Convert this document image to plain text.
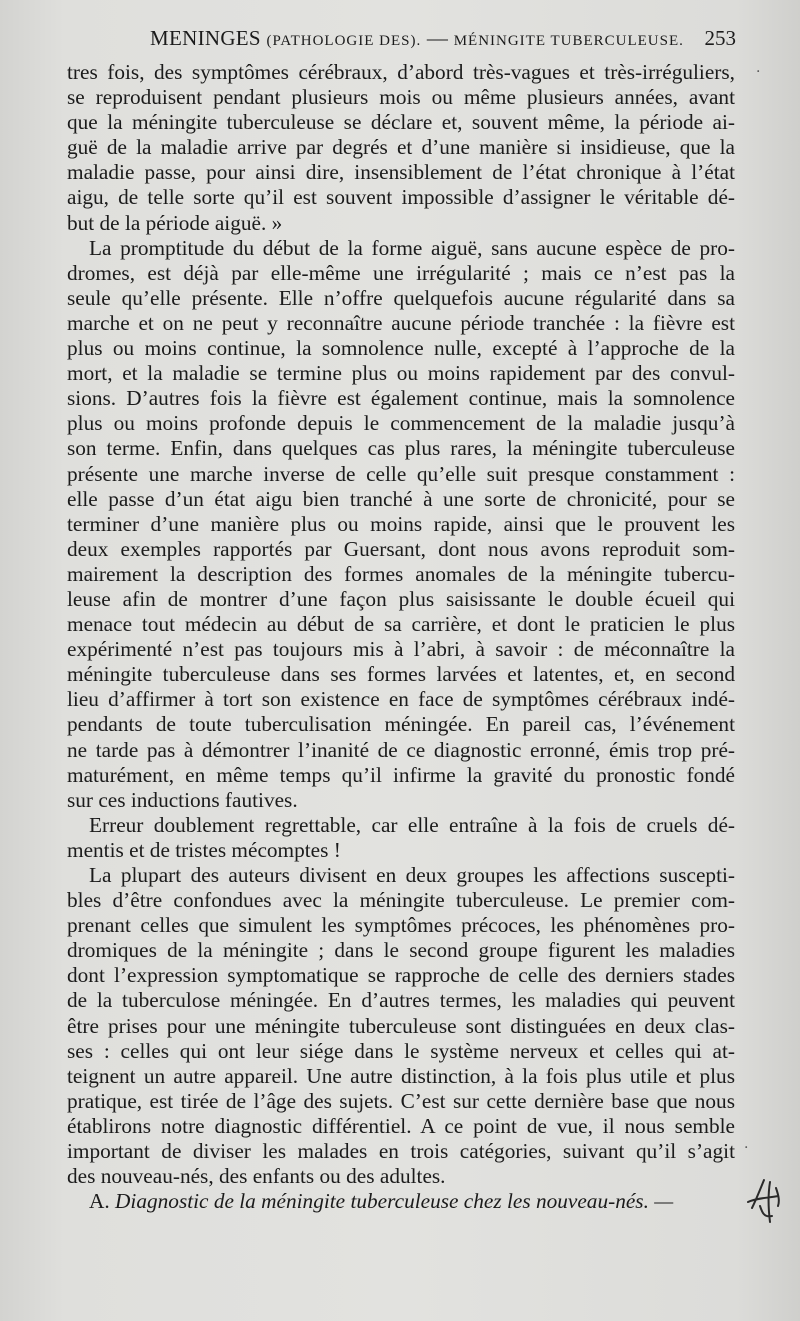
MENINGES (PATHOLOGIE DES). — MÉNINGITE TUBERCULEUSE. 253
tres fois, des symptômes cérébraux, d’abord très-vagues et très-irréguliers,
se reproduisent pendant plusieurs mois ou même plusieurs années, avant
que la méningite tuberculeuse se déclare et, souvent même, la période ai-
guë de la maladie arrive par degrés et d’une manière si insidieuse, que la
maladie passe, pour ainsi dire, insensiblement de l’état chronique à l’état
aigu, de telle sorte qu’il est souvent impossible d’assigner le véritable dé-
but de la période aiguë. »
La promptitude du début de la forme aiguë, sans aucune espèce de pro-
dromes, est déjà par elle-même une irrégularité ; mais ce n’est pas la
seule qu’elle présente. Elle n’offre quelquefois aucune régularité dans sa
marche et on ne peut y reconnaître aucune période tranchée : la fièvre est
plus ou moins continue, la somnolence nulle, excepté à l’approche de la
mort, et la maladie se termine plus ou moins rapidement par des convul-
sions. D’autres fois la fièvre est également continue, mais la somnolence
plus ou moins profonde depuis le commencement de la maladie jusqu’à
son terme. Enfin, dans quelques cas plus rares, la méningite tuberculeuse
présente une marche inverse de celle qu’elle suit presque constamment :
elle passe d’un état aigu bien tranché à une sorte de chronicité, pour se
terminer d’une manière plus ou moins rapide, ainsi que le prouvent les
deux exemples rapportés par Guersant, dont nous avons reproduit som-
mairement la description des formes anomales de la méningite tubercu-
leuse afin de montrer d’une façon plus saisissante le double écueil qui
menace tout médecin au début de sa carrière, et dont le praticien le plus
expérimenté n’est pas toujours mis à l’abri, à savoir : de méconnaître la
méningite tuberculeuse dans ses formes larvées et latentes, et, en second
lieu d’affirmer à tort son existence en face de symptômes cérébraux indé-
pendants de toute tuberculisation méningée. En pareil cas, l’événement
ne tarde pas à démontrer l’inanité de ce diagnostic erronné, émis trop pré-
maturément, en même temps qu’il infirme la gravité du pronostic fondé
sur ces inductions fautives.
Erreur doublement regrettable, car elle entraîne à la fois de cruels dé-
mentis et de tristes mécomptes !
La plupart des auteurs divisent en deux groupes les affections suscepti-
bles d’être confondues avec la méningite tuberculeuse. Le premier com-
prenant celles que simulent les symptômes précoces, les phénomènes pro-
dromiques de la méningite ; dans le second groupe figurent les maladies
dont l’expression symptomatique se rapproche de celle des derniers stades
de la tuberculose méningée. En d’autres termes, les maladies qui peuvent
être prises pour une méningite tuberculeuse sont distinguées en deux clas-
ses : celles qui ont leur siége dans le système nerveux et celles qui at-
teignent un autre appareil. Une autre distinction, à la fois plus utile et plus
pratique, est tirée de l’âge des sujets. C’est sur cette dernière base que nous
établirons notre diagnostic différentiel. A ce point de vue, il nous semble
important de diviser les malades en trois catégories, suivant qu’il s’agit
des nouveau-nés, des enfants ou des adultes.
A. Diagnostic de la méningite tuberculeuse chez les nouveau-nés. —
·
·
